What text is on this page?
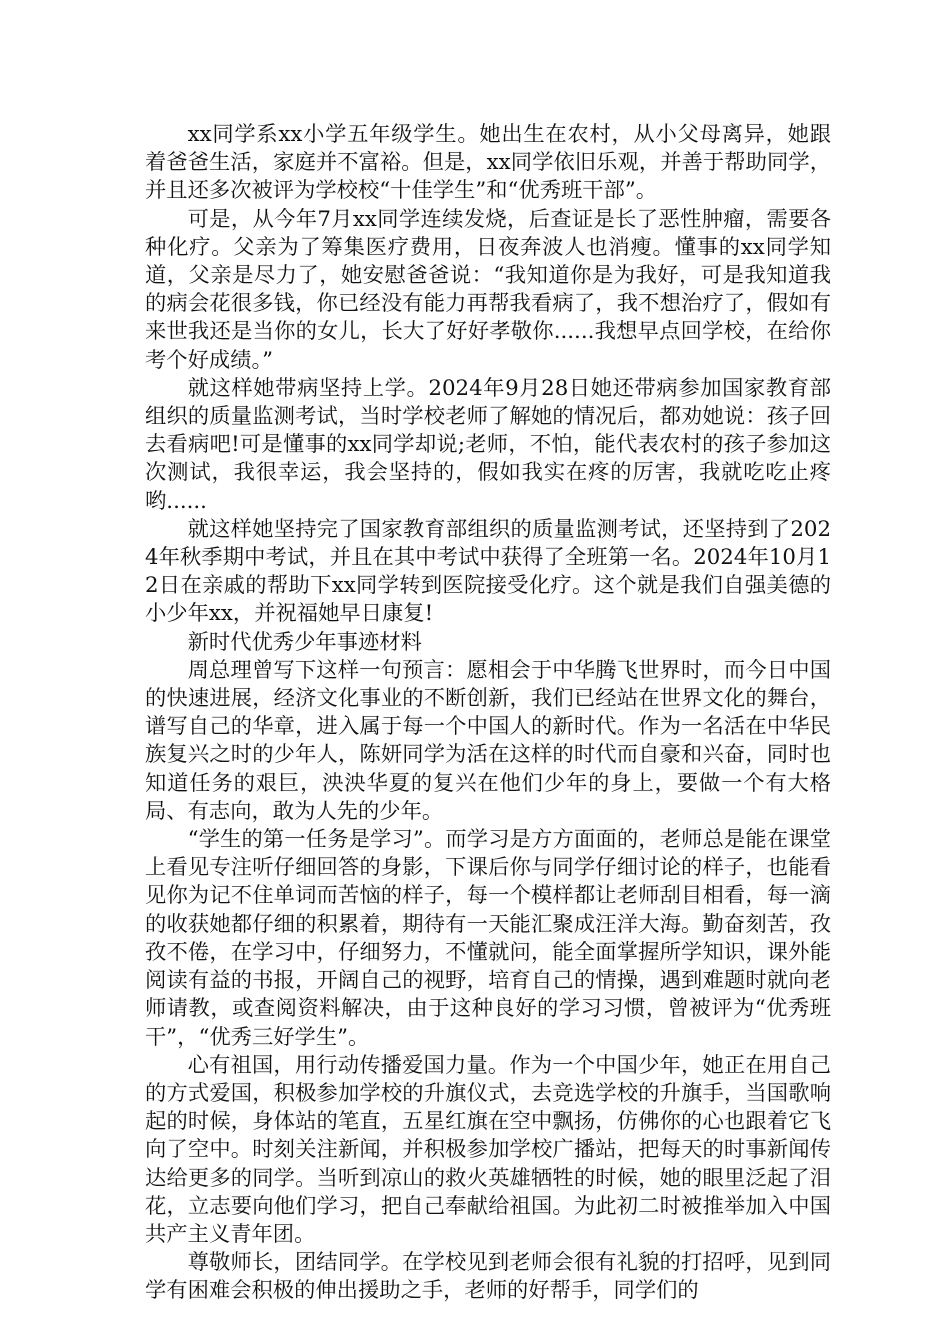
xx同学系xx小学五年级学生。她出生在农村，从小父母离异，她跟着爸爸生活，家庭并不富裕。但是，xx同学依旧乐观，并善于帮助同学，并且还多次被评为学校校“十佳学生”和“优秀班干部”。

可是，从今年7月xx同学连续发烧，后查证是长了恶性肿瘤，需要各种化疗。父亲为了筹集医疗费用，日夜奔波人也消瘦。懂事的xx同学知道，父亲是尽力了，她安慰爸爸说：“我知道你是为我好，可是我知道我的病会花很多钱，你已经没有能力再帮我看病了，我不想治疗了，假如有来世我还是当你的女儿，长大了好好孝敬你......我想早点回学校，在给你考个好成绩。”

就这样她带病坚持上学。2024年9月28日她还带病参加国家教育部组织的质量监测考试，当时学校老师了解她的情况后，都劝她说：孩子回去看病吧!可是懂事的xx同学却说;老师，不怕，能代表农村的孩子参加这次测试，我很幸运，我会坚持的，假如我实在疼的厉害，我就吃吃止疼哟......

就这样她坚持完了国家教育部组织的质量监测考试，还坚持到了2024年秋季期中考试，并且在其中考试中获得了全班第一名。2024年10月12日在亲戚的帮助下xx同学转到医院接受化疗。这个就是我们自强美德的小少年xx，并祝福她早日康复!

新时代优秀少年事迹材料

周总理曾写下这样一句预言：愿相会于中华腾飞世界时，而今日中国的快速进展，经济文化事业的不断创新，我们已经站在世界文化的舞台，谱写自己的华章，进入属于每一个中国人的新时代。作为一名活在中华民族复兴之时的少年人，陈妍同学为活在这样的时代而自豪和兴奋，同时也知道任务的艰巨，泱泱华夏的复兴在他们少年的身上，要做一个有大格局、有志向，敢为人先的少年。

“学生的第一任务是学习”。而学习是方方面面的，老师总是能在课堂上看见专注听仔细回答的身影，下课后你与同学仔细讨论的样子，也能看见你为记不住单词而苦恼的样子，每一个模样都让老师刮目相看，每一滴的收获她都仔细的积累着，期待有一天能汇聚成汪洋大海。勤奋刻苦，孜孜不倦，在学习中，仔细努力，不懂就问，能全面掌握所学知识，课外能阅读有益的书报，开阔自己的视野，培育自己的情操，遇到难题时就向老师请教，或查阅资料解决，由于这种良好的学习习惯，曾被评为“优秀班干”，“优秀三好学生”。

心有祖国，用行动传播爱国力量。作为一个中国少年，她正在用自己的方式爱国，积极参加学校的升旗仪式，去竞选学校的升旗手，当国歌响起的时候，身体站的笔直，五星红旗在空中飘扬，仿佛你的心也跟着它飞向了空中。时刻关注新闻，并积极参加学校广播站，把每天的时事新闻传达给更多的同学。当听到凉山的救火英雄牺牲的时候，她的眼里泛起了泪花，立志要向他们学习，把自己奉献给祖国。为此初二时被推举加入中国共产主义青年团。

尊敬师长，团结同学。在学校见到老师会很有礼貌的打招呼，见到同学有困难会积极的伸出援助之手，老师的好帮手，同学们的
